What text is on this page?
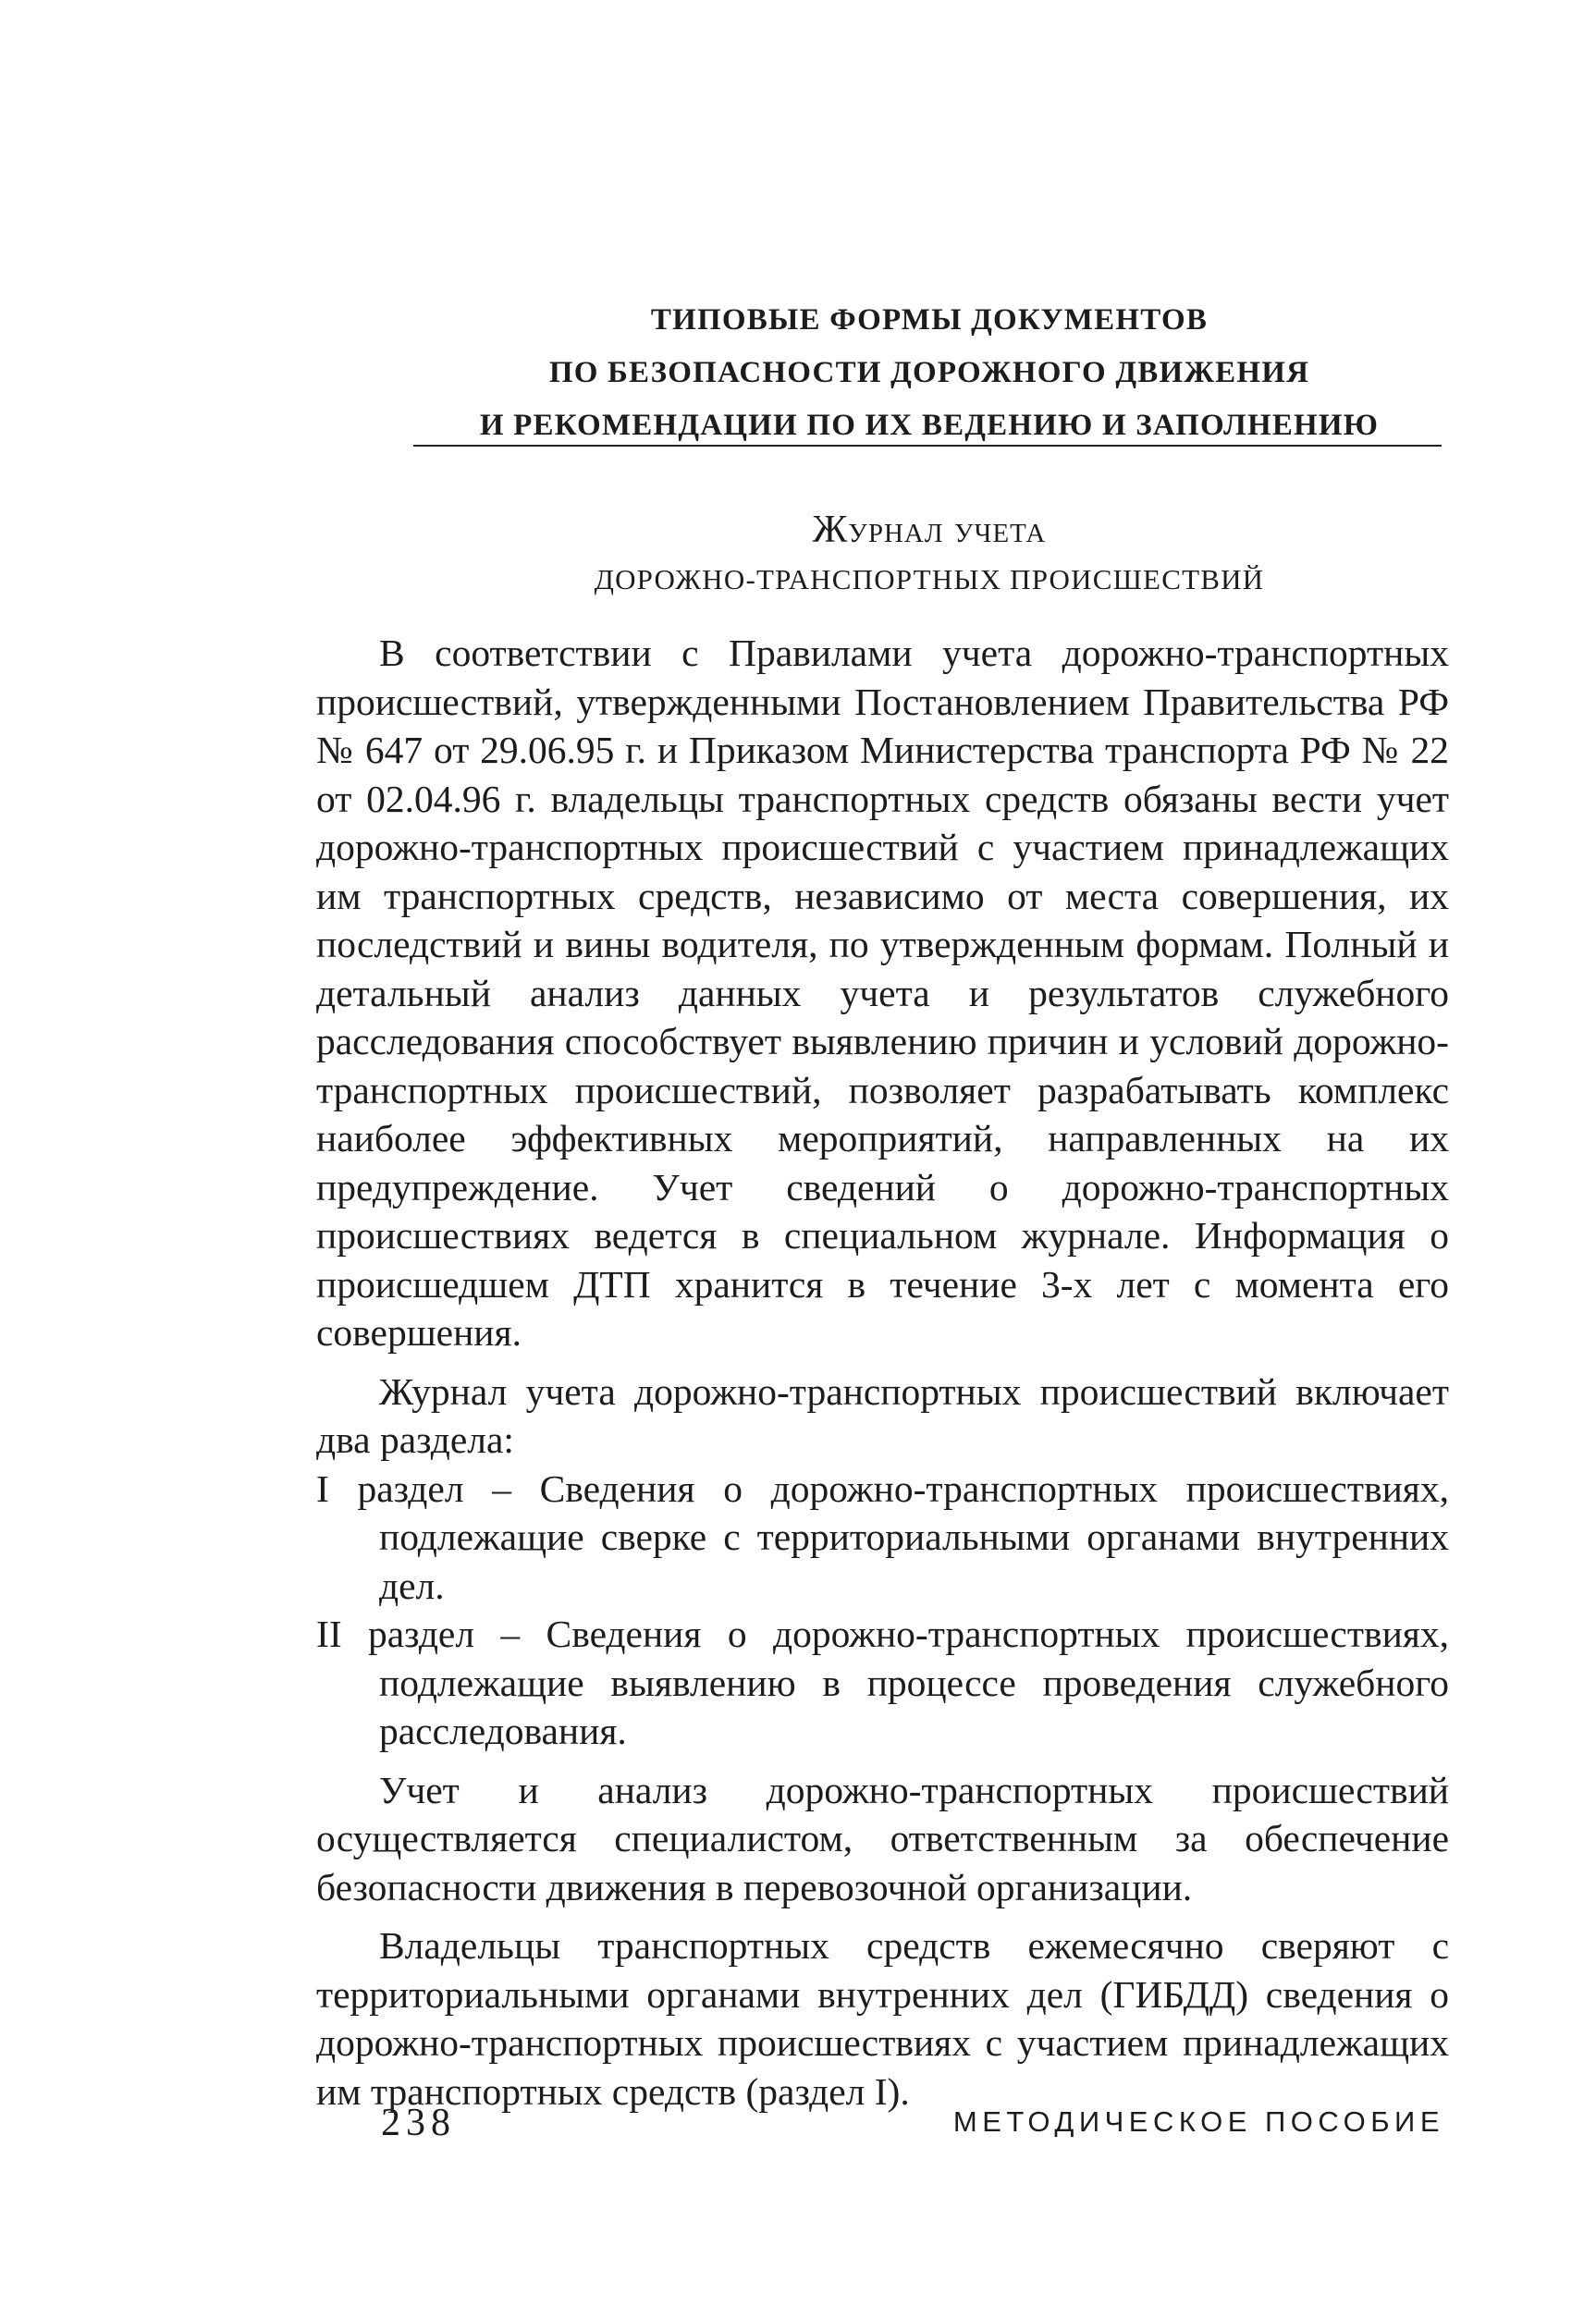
ТИПОВЫЕ ФОРМЫ ДОКУМЕНТОВ
ПО БЕЗОПАСНОСТИ ДОРОЖНОГО ДВИЖЕНИЯ
И РЕКОМЕНДАЦИИ ПО ИХ ВЕДЕНИЮ И ЗАПОЛНЕНИЮ
Журнал учета
ДОРОЖНО-ТРАНСПОРТНЫХ ПРОИСШЕСТВИЙ

В соответствии с Правилами учета дорожно-транспортных происшествий, утвержденными Постановлением Правительства РФ № 647 от 29.06.95 г. и Приказом Министерства транспорта РФ № 22 от 02.04.96 г. владельцы транспортных средств обязаны вести учет дорожно-транспортных происшествий с участием принадлежащих им транспортных средств, независимо от места совершения, их последствий и вины водителя, по утвержденным формам. Полный и детальный анализ данных учета и результатов служебного расследования способствует выявлению причин и условий дорожно-транспортных происшествий, позволяет разрабатывать комплекс наиболее эффективных мероприятий, направленных на их предупреждение. Учет сведений о дорожно-транспортных происшествиях ведется в специальном журнале. Информация о происшедшем ДТП хранится в течение 3-х лет с момента его совершения.

Журнал учета дорожно-транспортных происшествий включает два раздела:

I раздел – Сведения о дорожно-транспортных происшествиях, подлежащие сверке с территориальными органами внутренних дел.

II раздел – Сведения о дорожно-транспортных происшествиях, подлежащие выявлению в процессе проведения служебного расследования.

Учет и анализ дорожно-транспортных происшествий осуществляется специалистом, ответственным за обеспечение безопасности движения в перевозочной организации.

Владельцы транспортных средств ежемесячно сверяют с территориальными органами внутренних дел (ГИБДД) сведения о дорожно-транспортных происшествиях с участием принадлежащих им транспортных средств (раздел I).

238	МЕТОДИЧЕСКОЕ ПОСОБИЕ
